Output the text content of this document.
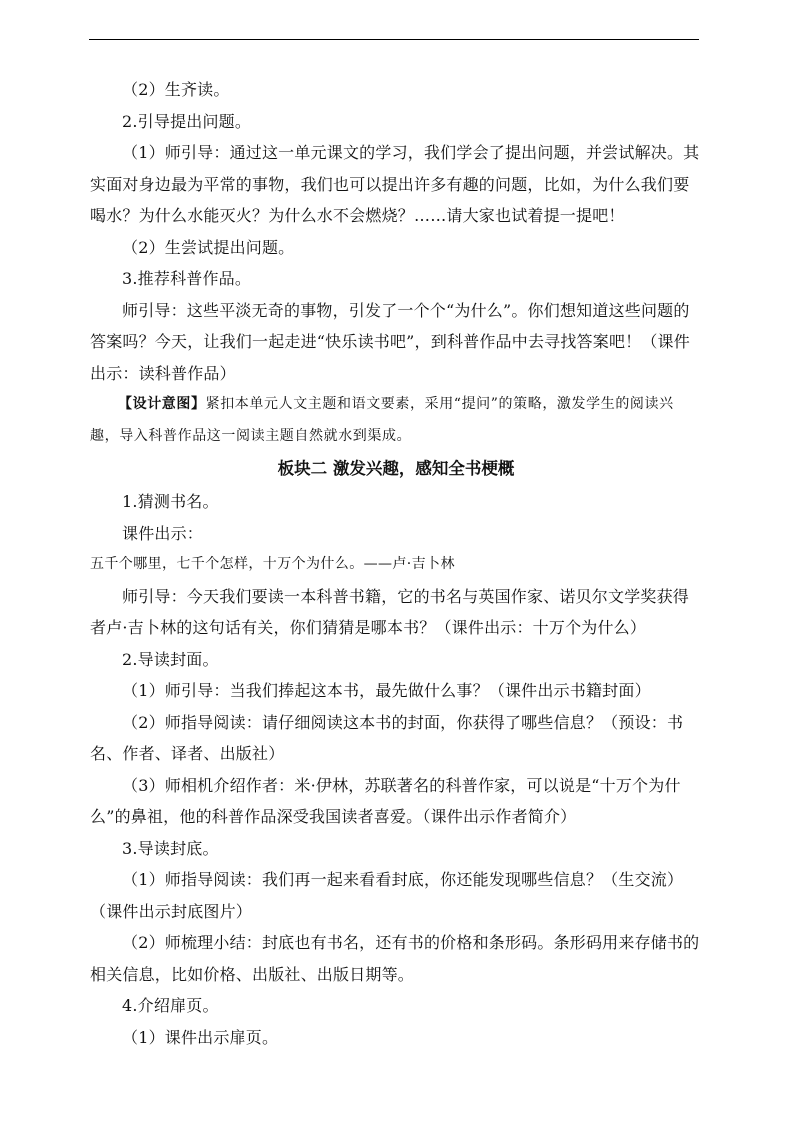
（2）生齐读。

2.引导提出问题。

（1）师引导：通过这一单元课文的学习，我们学会了提出问题，并尝试解决。其实面对身边最为平常的事物，我们也可以提出许多有趣的问题，比如，为什么我们要喝水？为什么水能灭火？为什么水不会燃烧？……请大家也试着提一提吧！

（2）生尝试提出问题。

3.推荐科普作品。

师引导：这些平淡无奇的事物，引发了一个个“为什么”。你们想知道这些问题的答案吗？今天，让我们一起走进“快乐读书吧”，到科普作品中去寻找答案吧！（课件出示：读科普作品）

【设计意图】紧扣本单元人文主题和语文要素，采用“提问”的策略，激发学生的阅读兴趣，导入科普作品这一阅读主题自然就水到渠成。

板块二 激发兴趣，感知全书梗概

1.猜测书名。

课件出示：

五千个哪里，七千个怎样，十万个为什么。——卢·吉卜林

师引导：今天我们要读一本科普书籍，它的书名与英国作家、诺贝尔文学奖获得者卢·吉卜林的这句话有关，你们猜猜是哪本书？（课件出示：十万个为什么）

2.导读封面。

（1）师引导：当我们捧起这本书，最先做什么事？（课件出示书籍封面）

（2）师指导阅读：请仔细阅读这本书的封面，你获得了哪些信息？（预设：书名、作者、译者、出版社）

（3）师相机介绍作者：米·伊林，苏联著名的科普作家，可以说是“十万个为什么”的鼻祖，他的科普作品深受我国读者喜爱。（课件出示作者简介）

3.导读封底。

（1）师指导阅读：我们再一起来看看封底，你还能发现哪些信息？（生交流）（课件出示封底图片）

（2）师梳理小结：封底也有书名，还有书的价格和条形码。条形码用来存储书的相关信息，比如价格、出版社、出版日期等。

4.介绍扉页。

（1）课件出示扉页。
